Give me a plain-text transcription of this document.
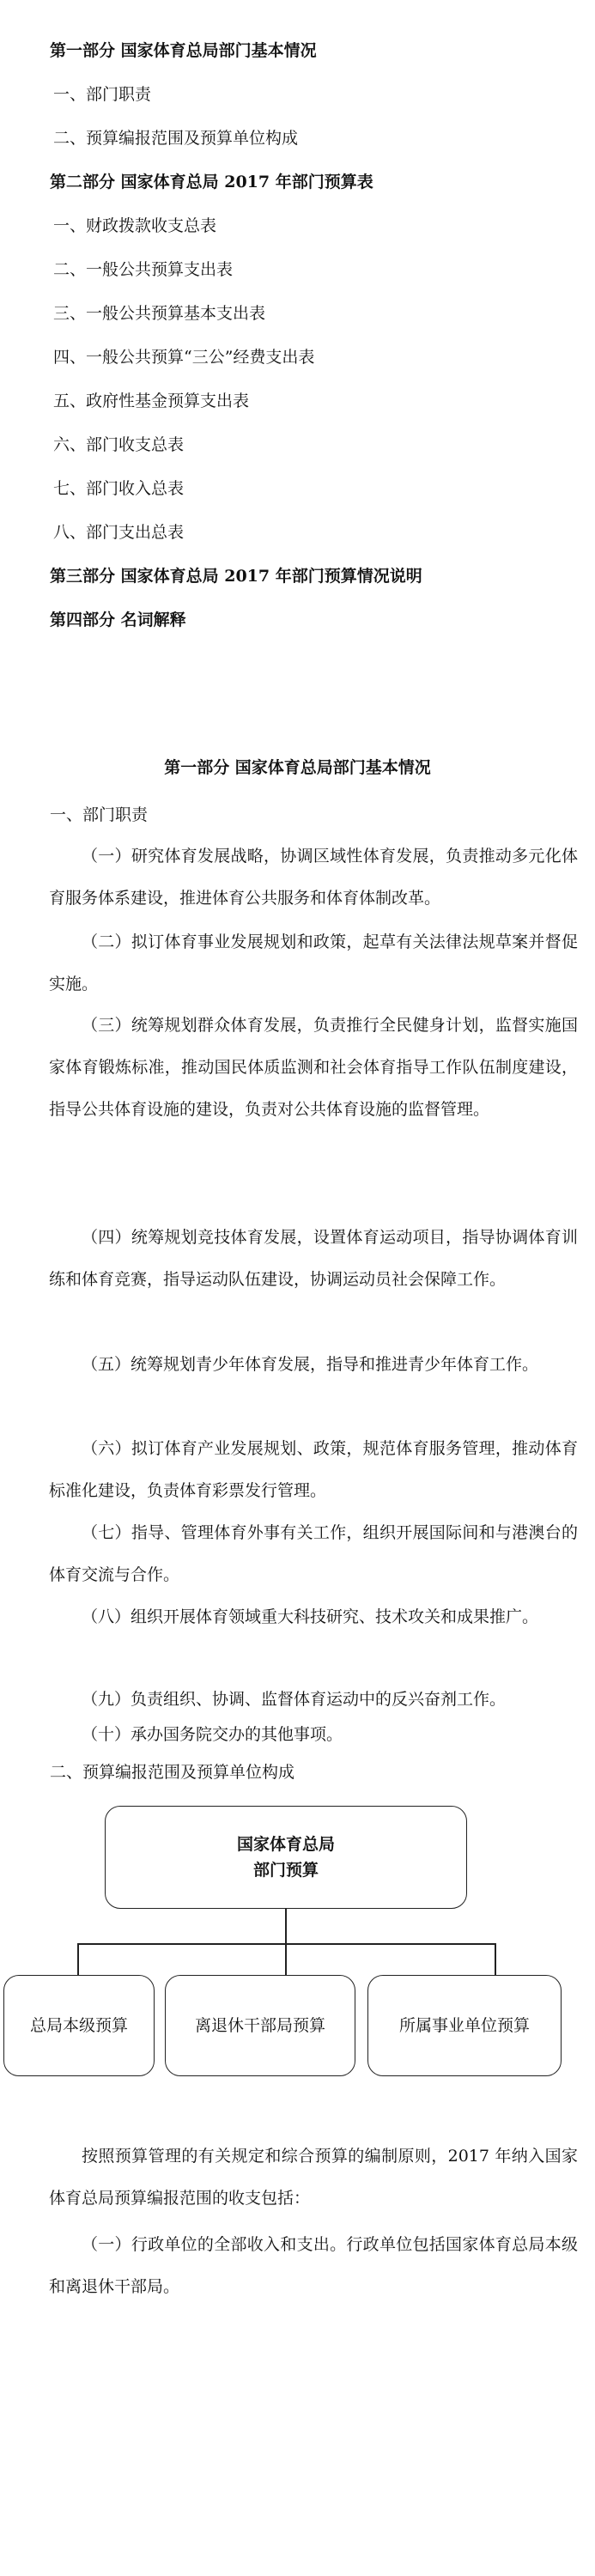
第一部分 国家体育总局部门基本情况
一、部门职责
二、预算编报范围及预算单位构成
第二部分 国家体育总局 2017 年部门预算表
一、财政拨款收支总表
二、一般公共预算支出表
三、一般公共预算基本支出表
四、一般公共预算“三公”经费支出表
五、政府性基金预算支出表
六、部门收支总表
七、部门收入总表
八、部门支出总表
第三部分 国家体育总局 2017 年部门预算情况说明
第四部分 名词解释
第一部分 国家体育总局部门基本情况
一、部门职责
（一）研究体育发展战略，协调区域性体育发展，负责推动多元化体育服务体系建设，推进体育公共服务和体育体制改革。
（二）拟订体育事业发展规划和政策，起草有关法律法规草案并督促实施。
（三）统筹规划群众体育发展，负责推行全民健身计划，监督实施国家体育锻炼标准，推动国民体质监测和社会体育指导工作队伍制度建设，指导公共体育设施的建设，负责对公共体育设施的监督管理。
（四）统筹规划竞技体育发展，设置体育运动项目，指导协调体育训练和体育竞赛，指导运动队伍建设，协调运动员社会保障工作。
（五）统筹规划青少年体育发展，指导和推进青少年体育工作。
（六）拟订体育产业发展规划、政策，规范体育服务管理，推动体育标准化建设，负责体育彩票发行管理。
（七）指导、管理体育外事有关工作，组织开展国际间和与港澳台的体育交流与合作。
（八）组织开展体育领域重大科技研究、技术攻关和成果推广。
（九）负责组织、协调、监督体育运动中的反兴奋剂工作。
（十）承办国务院交办的其他事项。
二、预算编报范围及预算单位构成
国家体育总局
部门预算
总局本级预算	离退休干部局预算	所属事业单位预算
按照预算管理的有关规定和综合预算的编制原则，2017 年纳入国家体育总局预算编报范围的收支包括：
（一）行政单位的全部收入和支出。行政单位包括国家体育总局本级和离退休干部局。
